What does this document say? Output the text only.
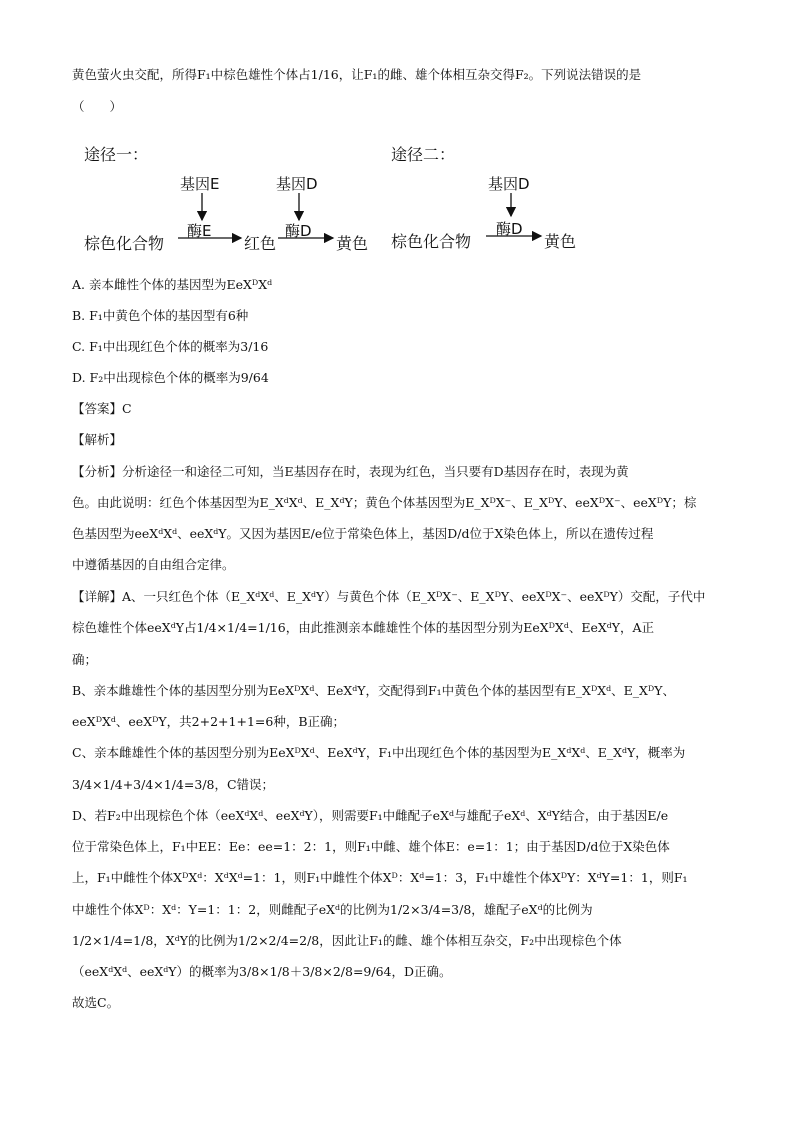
黄色萤火虫交配，所得F₁中棕色雄性个体占1/16，让F₁的雌、雄个体相互杂交得F₂。下列说法错误的是
（　　）
途径一：	途径二：
基因E	基因D	基因D
酶E	酶D	酶D
棕色化合物	红色	黄色 棕色化合物	黄色
A. 亲本雌性个体的基因型为EeXᴰXᵈ
B. F₁中黄色个体的基因型有6种
C. F₁中出现红色个体的概率为3/16
D. F₂中出现棕色个体的概率为9/64
【答案】C
【解析】
【分析】分析途径一和途径二可知，当E基因存在时，表现为红色，当只要有D基因存在时，表现为黄
色。由此说明：红色个体基因型为E_XᵈXᵈ、E_XᵈY；黄色个体基因型为E_XᴰX⁻、E_XᴰY、eeXᴰX⁻、eeXᴰY；棕
色基因型为eeXᵈXᵈ、eeXᵈY。又因为基因E/e位于常染色体上，基因D/d位于X染色体上，所以在遗传过程
中遵循基因的自由组合定律。
【详解】A、一只红色个体（E_XᵈXᵈ、E_XᵈY）与黄色个体（E_XᴰX⁻、E_XᴰY、eeXᴰX⁻、eeXᴰY）交配，子代中
棕色雄性个体eeXᵈY占1/4×1/4=1/16，由此推测亲本雌雄性个体的基因型分别为EeXᴰXᵈ、EeXᵈY，A正
确；
B、亲本雌雄性个体的基因型分别为EeXᴰXᵈ、EeXᵈY，交配得到F₁中黄色个体的基因型有E_XᴰXᵈ、E_XᴰY、
eeXᴰXᵈ、eeXᴰY，共2+2+1+1=6种，B正确；
C、亲本雌雄性个体的基因型分别为EeXᴰXᵈ、EeXᵈY，F₁中出现红色个体的基因型为E_XᵈXᵈ、E_XᵈY，概率为
3/4×1/4+3/4×1/4=3/8，C错误；
D、若F₂中出现棕色个体（eeXᵈXᵈ、eeXᵈY），则需要F₁中雌配子eXᵈ与雄配子eXᵈ、XᵈY结合，由于基因E/e
位于常染色体上，F₁中EE：Ee：ee=1：2：1，则F₁中雌、雄个体E：e=1：1；由于基因D/d位于X染色体
上，F₁中雌性个体XᴰXᵈ：XᵈXᵈ=1：1，则F₁中雌性个体Xᴰ：Xᵈ=1：3，F₁中雄性个体XᴰY：XᵈY=1：1，则F₁
中雄性个体Xᴰ：Xᵈ：Y=1：1：2，则雌配子eXᵈ的比例为1/2×3/4=3/8，雄配子eXᵈ的比例为
1/2×1/4=1/8，XᵈY的比例为1/2×2/4=2/8，因此让F₁的雌、雄个体相互杂交，F₂中出现棕色个体
（eeXᵈXᵈ、eeXᵈY）的概率为3/8×1/8＋3/8×2/8=9/64，D正确。
故选C。
